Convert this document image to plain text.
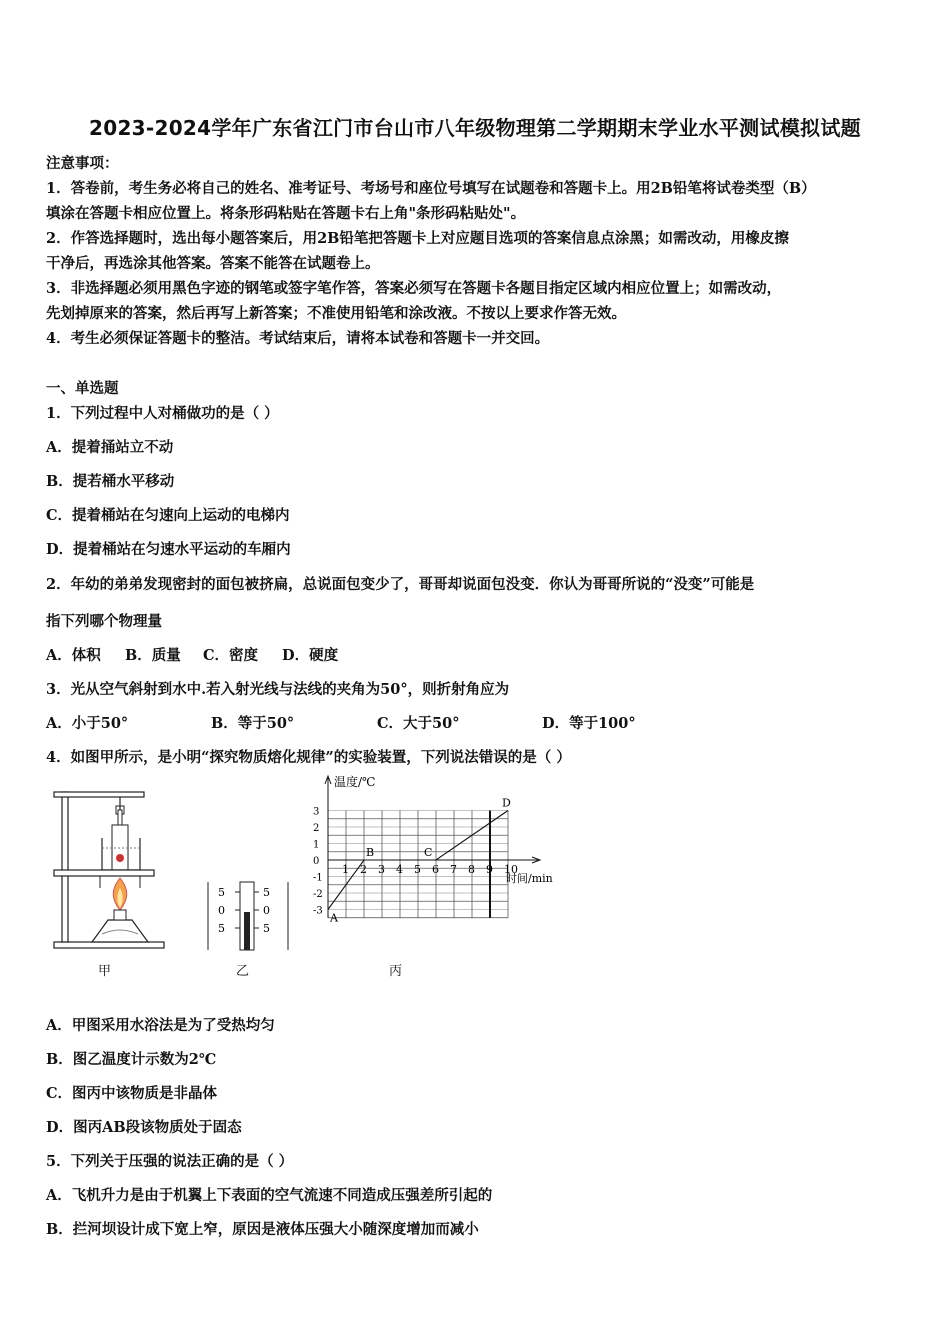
2023-2024学年广东省江门市台山市八年级物理第二学期期末学业水平测试模拟试题
注意事项：
1．答卷前，考生务必将自己的姓名、准考证号、考场号和座位号填写在试题卷和答题卡上。用2B铅笔将试卷类型（B）
填涂在答题卡相应位置上。将条形码粘贴在答题卡右上角"条形码粘贴处"。
2．作答选择题时，选出每小题答案后，用2B铅笔把答题卡上对应题目选项的答案信息点涂黑；如需改动，用橡皮擦
干净后，再选涂其他答案。答案不能答在试题卷上。
3．非选择题必须用黑色字迹的钢笔或签字笔作答，答案必须写在答题卡各题目指定区域内相应位置上；如需改动，
先划掉原来的答案，然后再写上新答案；不准使用铅笔和涂改液。不按以上要求作答无效。
4．考生必须保证答题卡的整洁。考试结束后，请将本试卷和答题卡一并交回。
一、单选题
1．下列过程中人对桶做功的是（ ）
A．提着捅站立不动
B．提若桶水平移动
C．提着桶站在匀速向上运动的电梯内
D．提着桶站在匀速水平运动的车厢内
2．年幼的弟弟发现密封的面包被挤扁，总说面包变少了，哥哥却说面包没变．你认为哥哥所说的“没变”可能是
指下列哪个物理量
A．体积 B．质量 C．密度 D．硬度
3．光从空气斜射到水中.若入射光线与法线的夹角为50°，则折射角应为
A．小于50°	B．等于50°	C．大于50°	D．等于100°
4．如图甲所示，是小明“探究物质熔化规律”的实验装置，下列说法错误的是（ ）
5
0
5
5
0
5
1 2 3 4 5 6 7 8 9 10
3
2
1
0
-1
-2
-3
A
B	C
D
温度/℃
时间/min
甲	乙	丙
A．甲图采用水浴法是为了受热均匀
B．图乙温度计示数为2℃
C．图丙中该物质是非晶体
D．图丙AB段该物质处于固态
5．下列关于压强的说法正确的是（ ）
A．飞机升力是由于机翼上下表面的空气流速不同造成压强差所引起的
B．拦河坝设计成下宽上窄，原因是液体压强大小随深度增加而减小
